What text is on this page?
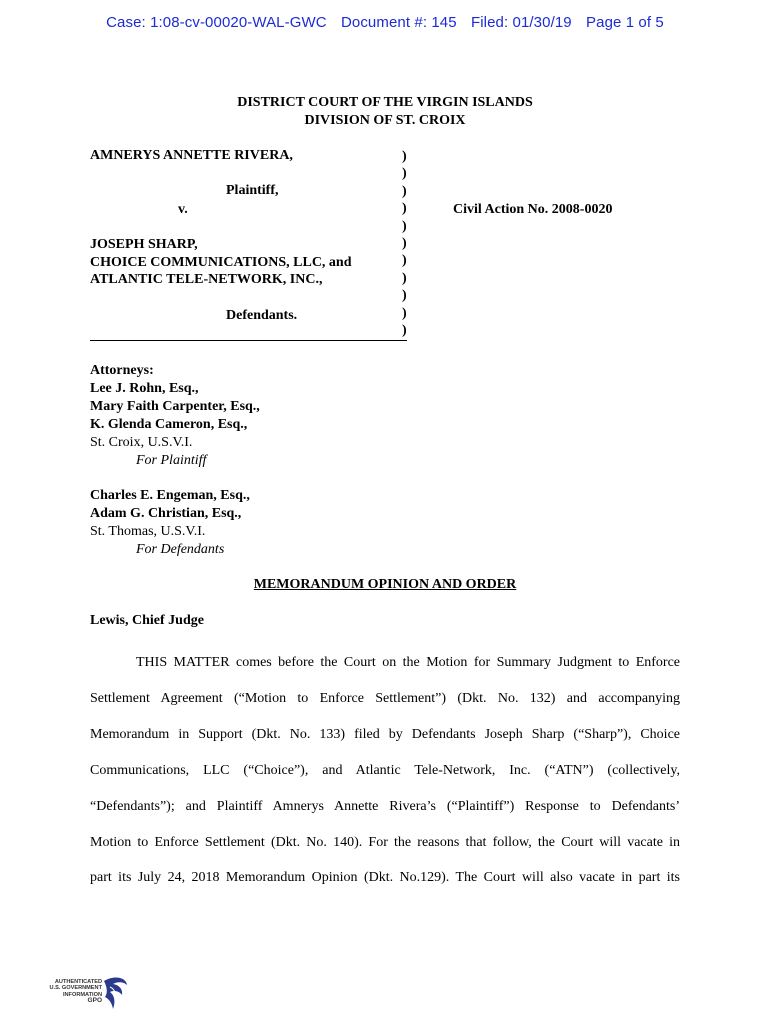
Case: 1:08-cv-00020-WAL-GWC Document #: 145 Filed: 01/30/19 Page 1 of 5
DISTRICT COURT OF THE VIRGIN ISLANDS
DIVISION OF ST. CROIX
AMNERYS ANNETTE RIVERA,
Plaintiff,
v.
JOSEPH SHARP,
CHOICE COMMUNICATIONS, LLC, and
ATLANTIC TELE-NETWORK, INC.,
Defendants.
)
)
)
)
)
)
)
)
)
)
)
Civil Action No. 2008-0020
Attorneys:
Lee J. Rohn, Esq.,
Mary Faith Carpenter, Esq.,
K. Glenda Cameron, Esq.,
St. Croix, U.S.V.I.
For Plaintiff
Charles E. Engeman, Esq.,
Adam G. Christian, Esq.,
St. Thomas, U.S.V.I.
For Defendants
MEMORANDUM OPINION AND ORDER
Lewis, Chief Judge
THIS MATTER comes before the Court on the Motion for Summary Judgment to Enforce
Settlement Agreement (“Motion to Enforce Settlement”) (Dkt. No. 132) and accompanying
Memorandum in Support (Dkt. No. 133) filed by Defendants Joseph Sharp (“Sharp”), Choice
Communications, LLC (“Choice”), and Atlantic Tele-Network, Inc. (“ATN”) (collectively,
“Defendants”); and Plaintiff Amnerys Annette Rivera’s (“Plaintiff”) Response to Defendants’
Motion to Enforce Settlement (Dkt. No. 140). For the reasons that follow, the Court will vacate in
part its July 24, 2018 Memorandum Opinion (Dkt. No.129). The Court will also vacate in part its
AUTHENTICATED
U.S. GOVERNMENT
INFORMATION
GPO
